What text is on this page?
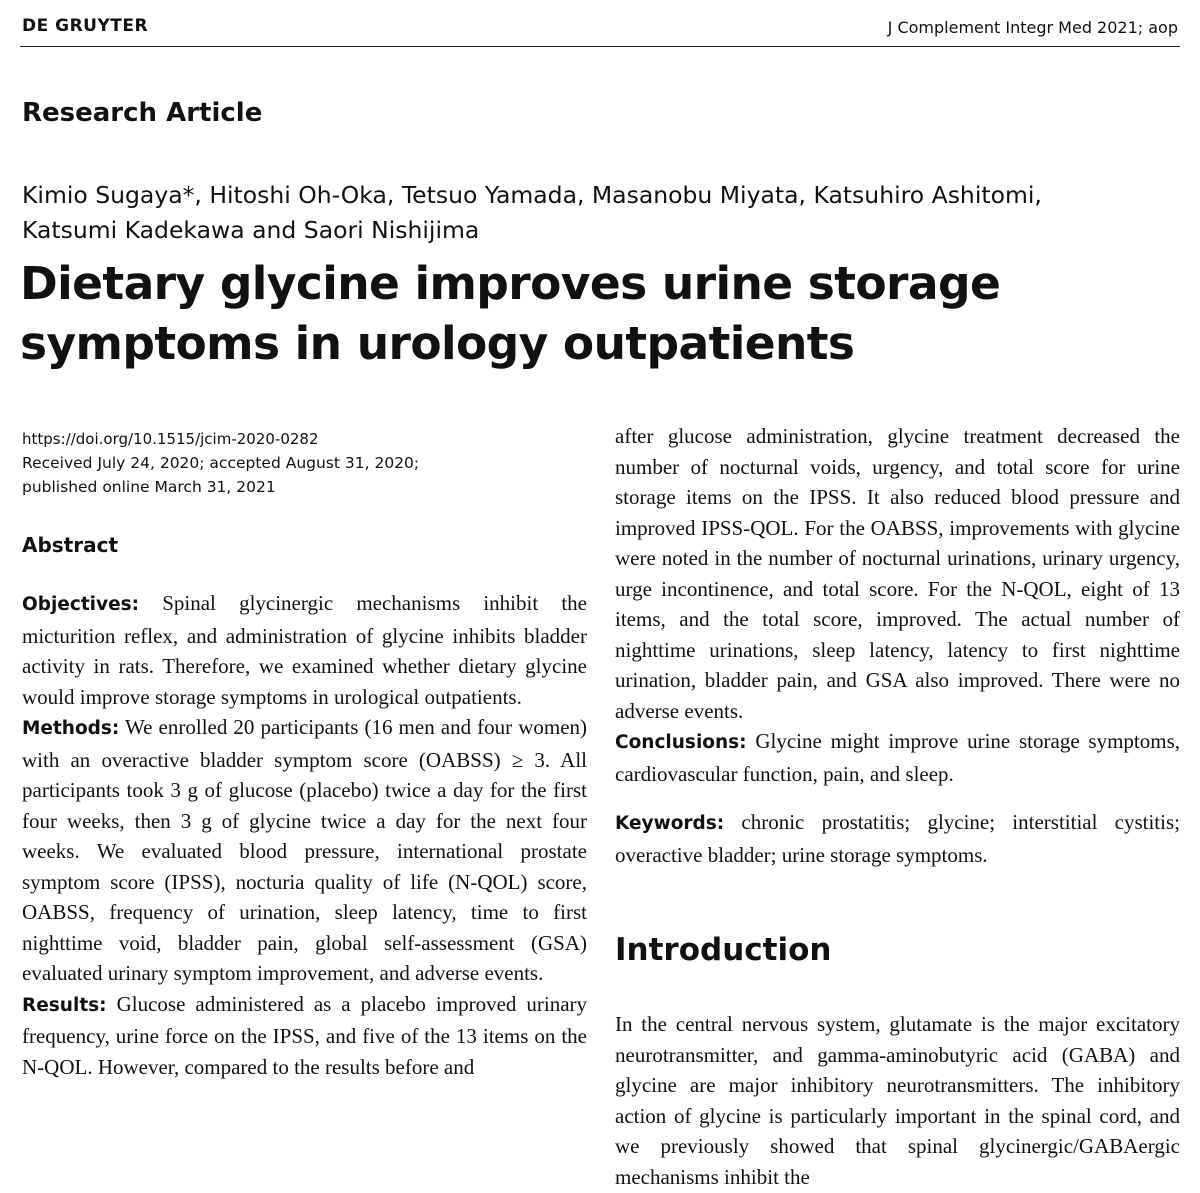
DE GRUYTER	J Complement Integr Med 2021; aop
Research Article
Kimio Sugaya*, Hitoshi Oh-Oka, Tetsuo Yamada, Masanobu Miyata, Katsuhiro Ashitomi,
Katsumi Kadekawa and Saori Nishijima
Dietary glycine improves urine storage symptoms in urology outpatients
https://doi.org/10.1515/jcim-2020-0282
Received July 24, 2020; accepted August 31, 2020;
published online March 31, 2021
Abstract

Objectives: Spinal glycinergic mechanisms inhibit the micturition reflex, and administration of glycine inhibits bladder activity in rats. Therefore, we examined whether dietary glycine would improve storage symptoms in urological outpatients.

Methods: We enrolled 20 participants (16 men and four women) with an overactive bladder symptom score (OABSS) ≥ 3. All participants took 3 g of glucose (placebo) twice a day for the first four weeks, then 3 g of glycine twice a day for the next four weeks. We evaluated blood pressure, international prostate symptom score (IPSS), nocturia quality of life (N-QOL) score, OABSS, frequency of urination, sleep latency, time to first nighttime void, bladder pain, global self-assessment (GSA) evaluated urinary symptom improvement, and adverse events.

Results: Glucose administered as a placebo improved urinary frequency, urine force on the IPSS, and five of the 13 items on the N-QOL. However, compared to the results before and

after glucose administration, glycine treatment decreased the number of nocturnal voids, urgency, and total score for urine storage items on the IPSS. It also reduced blood pressure and improved IPSS-QOL. For the OABSS, improvements with glycine were noted in the number of nocturnal urinations, urinary urgency, urge incontinence, and total score. For the N-QOL, eight of 13 items, and the total score, improved. The actual number of nighttime urinations, sleep latency, latency to first nighttime urination, bladder pain, and GSA also improved. There were no adverse events.

Conclusions: Glycine might improve urine storage symptoms, cardiovascular function, pain, and sleep.

Keywords: chronic prostatitis; glycine; interstitial cystitis; overactive bladder; urine storage symptoms.

Introduction

In the central nervous system, glutamate is the major excitatory neurotransmitter, and gamma-aminobutyric acid (GABA) and glycine are major inhibitory neurotransmitters. The inhibitory action of glycine is particularly important in the spinal cord, and we previously showed that spinal glycinergic/GABAergic mechanisms inhibit the
